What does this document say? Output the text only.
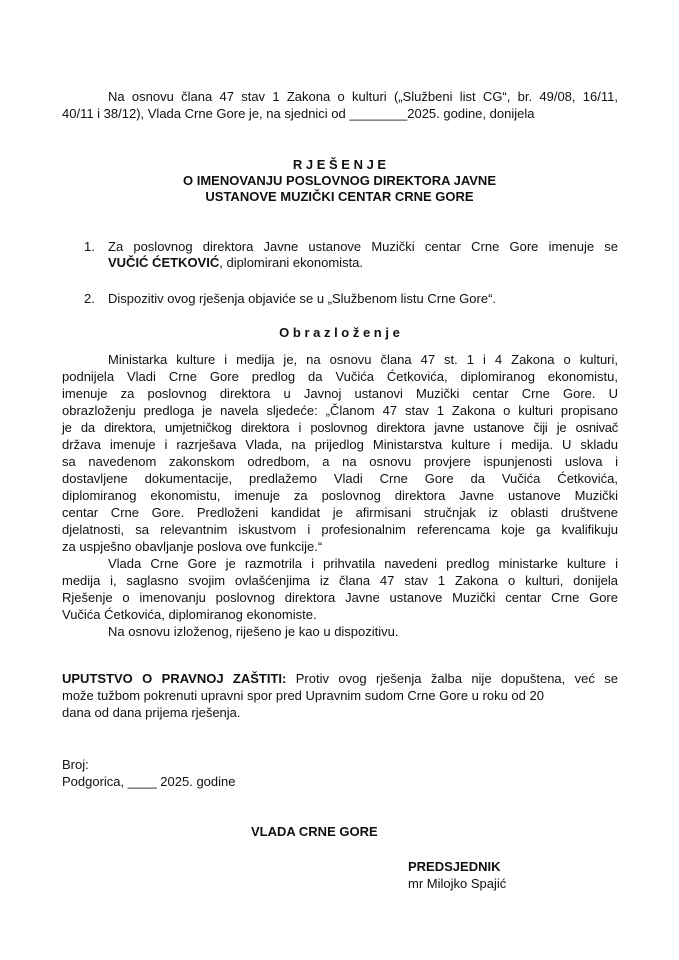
Na osnovu člana 47 stav 1 Zakona o kulturi („Službeni list CG“, br. 49/08, 16/11,
40/11 i 38/12), Vlada Crne Gore je, na sjednici od ________2025. godine, donijela
R J E Š E N J E
O IMENOVANJU POSLOVNOG DIREKTORA JAVNE
USTANOVE MUZIČKI CENTAR CRNE GORE
1. Za poslovnog direktora Javne ustanove Muzički centar Crne Gore imenuje se
VUČIĆ ĆETKOVIĆ, diplomirani ekonomista.
2. Dispozitiv ovog rješenja objaviće se u „Službenom listu Crne Gore“.
O b r a z l o ž e n j e
Ministarka kulture i medija je, na osnovu člana 47 st. 1 i 4 Zakona o kulturi,
podnijela Vladi Crne Gore predlog da Vučića Ćetkovića, diplomiranog ekonomistu,
imenuje za poslovnog direktora u Javnoj ustanovi Muzički centar Crne Gore. U
obrazloženju predloga je navela sljedeće: „Članom 47 stav 1 Zakona o kulturi propisano
je da direktora, umjetničkog direktora i poslovnog direktora javne ustanove čiji je osnivač
država imenuje i razrješava Vlada, na prijedlog Ministarstva kulture i medija. U skladu
sa navedenom zakonskom odredbom, a na osnovu provjere ispunjenosti uslova i
dostavljene dokumentacije, predlažemo Vladi Crne Gore da Vučića Ćetkovića,
diplomiranog ekonomistu, imenuje za poslovnog direktora Javne ustanove Muzički
centar Crne Gore. Predloženi kandidat je afirmisani stručnjak iz oblasti društvene
djelatnosti, sa relevantnim iskustvom i profesionalnim referencama koje ga kvalifikuju
za uspješno obavljanje poslova ove funkcije.“
Vlada Crne Gore je razmotrila i prihvatila navedeni predlog ministarke kulture i
medija i, saglasno svojim ovlašćenjima iz člana 47 stav 1 Zakona o kulturi, donijela
Rješenje o imenovanju poslovnog direktora Javne ustanove Muzički centar Crne Gore
Vučića Ćetkovića, diplomiranog ekonomiste.
Na osnovu izloženog, riješeno je kao u dispozitivu.
UPUTSTVO O PRAVNOJ ZAŠTITI: Protiv ovog rješenja žalba nije dopuštena, već se
može tužbom pokrenuti upravni spor pred Upravnim sudom Crne Gore u roku od 20
dana od dana prijema rješenja.
Broj:
Podgorica, ____ 2025. godine
VLADA CRNE GORE
PREDSJEDNIK
mr Milojko Spajić
